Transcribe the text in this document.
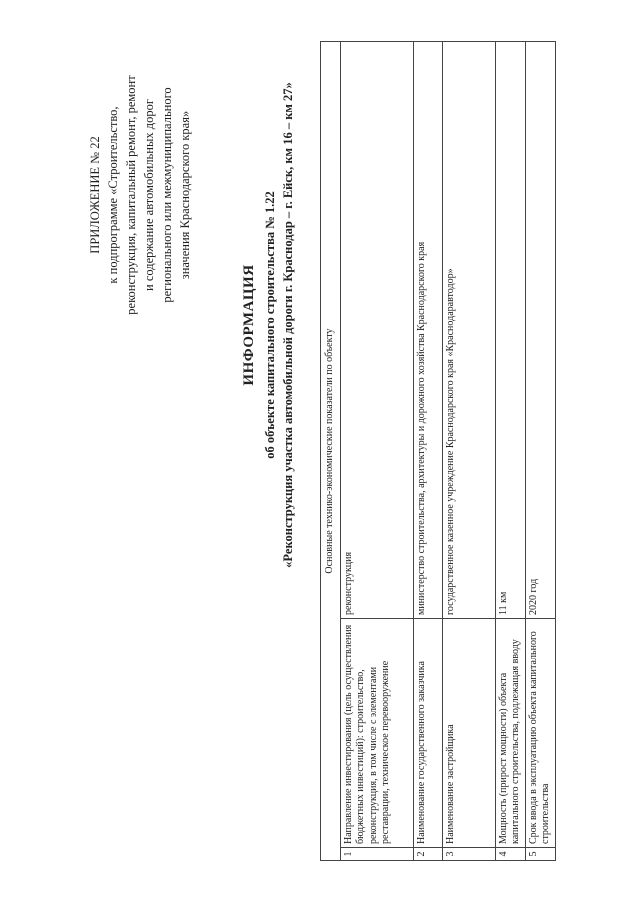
ПРИЛОЖЕНИЕ № 22 к подпрограмме «Строительство, реконструкция, капитальный ремонт, ремонт и содержание автомобильных дорог регионального или межмуниципального значения Краснодарского края»
ИНФОРМАЦИЯ об объекте капитального строительства № 1.22 «Реконструкция участка автомобильной дороги г. Краснодар – г. Ейск, км 16 – км 27»	Основные технико-экономические показатели по объекту		
1	Направление инвестирования (цель осуществления бюджетных инвестиций): строительство, реконструкция, в том числе с элементами реставрации, техническое перевооружение	реконструкция
2	Наименование государственного заказчика	министерство строительства, архитектуры и дорожного хозяйства Краснодарского края
3	Наименование застройщика	государственное казенное учреждение Краснодарского края «Краснодаравтодор»
4	Мощность (прирост мощности) объекта капитального строительства, подлежащая вводу	11 км
5	Срок ввода в эксплуатацию объекта капитального строительства	2020 год
